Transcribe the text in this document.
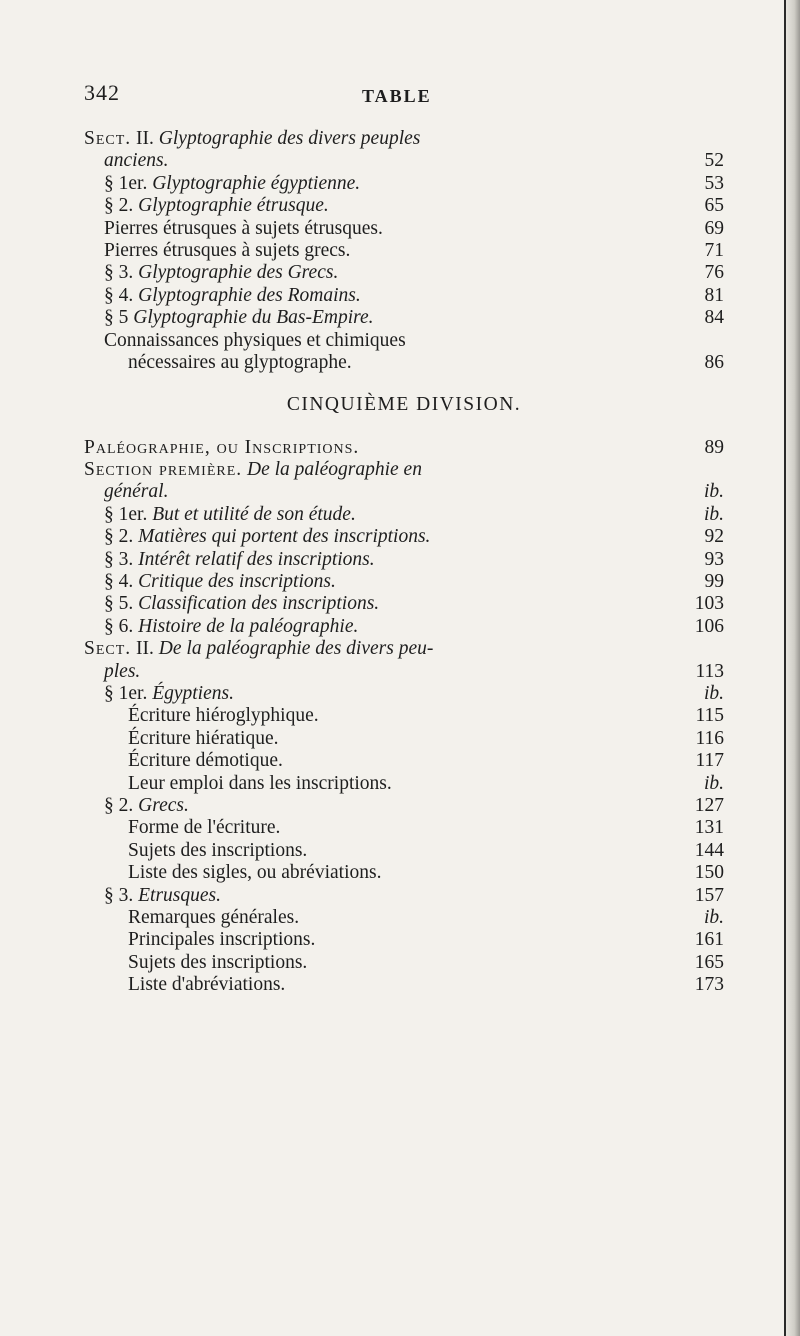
342	TABLE
Sect. II. Glyptographie des divers peuples
anciens.	52
§ 1er. Glyptographie égyptienne.	53
§ 2. Glyptographie étrusque.	65
Pierres étrusques à sujets étrusques.	69
Pierres étrusques à sujets grecs.	71
§ 3. Glyptographie des Grecs.	76
§ 4. Glyptographie des Romains.	81
§ 5 Glyptographie du Bas-Empire.	84
Connaissances physiques et chimiques
nécessaires au glyptographe.	86
CINQUIÈME DIVISION.
Paléographie, ou Inscriptions.	89
Section première. De la paléographie en
général.	ib.
§ 1er. But et utilité de son étude.	ib.
§ 2. Matières qui portent des inscriptions.	92
§ 3. Intérêt relatif des inscriptions.	93
§ 4. Critique des inscriptions.	99
§ 5. Classification des inscriptions.	103
§ 6. Histoire de la paléographie.	106
Sect. II. De la paléographie des divers peu-
ples.	113
§ 1er. Égyptiens.	ib.
Écriture hiéroglyphique.	115
Écriture hiératique.	116
Écriture démotique.	117
Leur emploi dans les inscriptions.	ib.
§ 2. Grecs.	127
Forme de l'écriture.	131
Sujets des inscriptions.	144
Liste des sigles, ou abréviations.	150
§ 3. Etrusques.	157
Remarques générales.	ib.
Principales inscriptions.	161
Sujets des inscriptions.	165
Liste d'abréviations.	173
